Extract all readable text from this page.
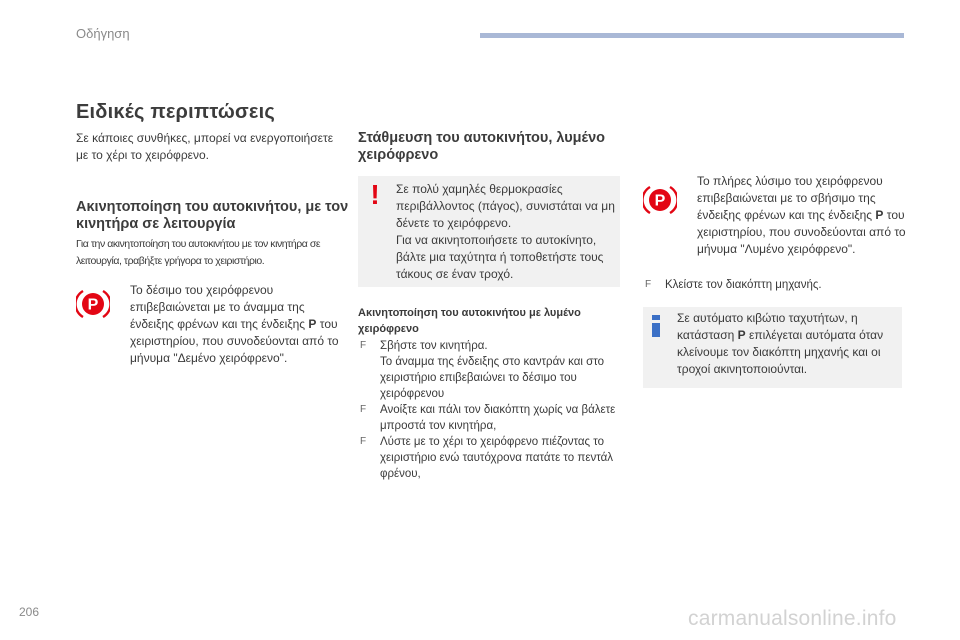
Οδήγηση
Ειδικές περιπτώσεις
Σε κάποιες συνθήκες, μπορεί να ενεργοποιήσετε με το χέρι το χειρόφρενο.
Ακινητοποίηση του αυτοκινήτου, με τον κινητήρα σε λειτουργία
Για την ακινητοποίηση του αυτοκινήτου με τον κινητήρα σε λειτουργία, τραβήξτε γρήγορα το χειριστήριο.
P
Το δέσιμο του χειρόφρενου επιβεβαιώνεται με το άναμμα της ένδειξης φρένων και της ένδειξης P του χειριστηρίου, που συνοδεύονται από το μήνυμα "Δεμένο χειρόφρενο".
Στάθμευση του αυτοκινήτου, λυμένο χειρόφρενο
! Σε πολύ χαμηλές θερμοκρασίες περιβάλλοντος (πάγος), συνιστάται να μη δένετε το χειρόφρενο.
Για να ακινητοποιήσετε το αυτοκίνητο, βάλτε μια ταχύτητα ή τοποθετήστε τους τάκους σε έναν τροχό.
Ακινητοποίηση του αυτοκινήτου με λυμένο χειρόφρενο
F Σβήστε τον κινητήρα.
Το άναμμα της ένδειξης στο καντράν και στο χειριστήριο επιβεβαιώνει το δέσιμο του χειρόφρενου
F Ανοίξτε και πάλι τον διακόπτη χωρίς να βάλετε μπροστά τον κινητήρα,
F Λύστε με το χέρι το χειρόφρενο πιέζοντας το χειριστήριο ενώ ταυτόχρονα πατάτε το πεντάλ φρένου,
P
Το πλήρες λύσιμο του χειρόφρενου επιβεβαιώνεται με το σβήσιμο της ένδειξης φρένων και της ένδειξης P του χειριστηρίου, που συνοδεύονται από το μήνυμα "Λυμένο χειρόφρενο".
F Κλείστε τον διακόπτη μηχανής.
Σε αυτόματο κιβώτιο ταχυτήτων, η κατάσταση P επιλέγεται αυτόματα όταν κλείνουμε τον διακόπτη μηχανής και οι τροχοί ακινητοποιούνται.
206	carmanualsonline.info
